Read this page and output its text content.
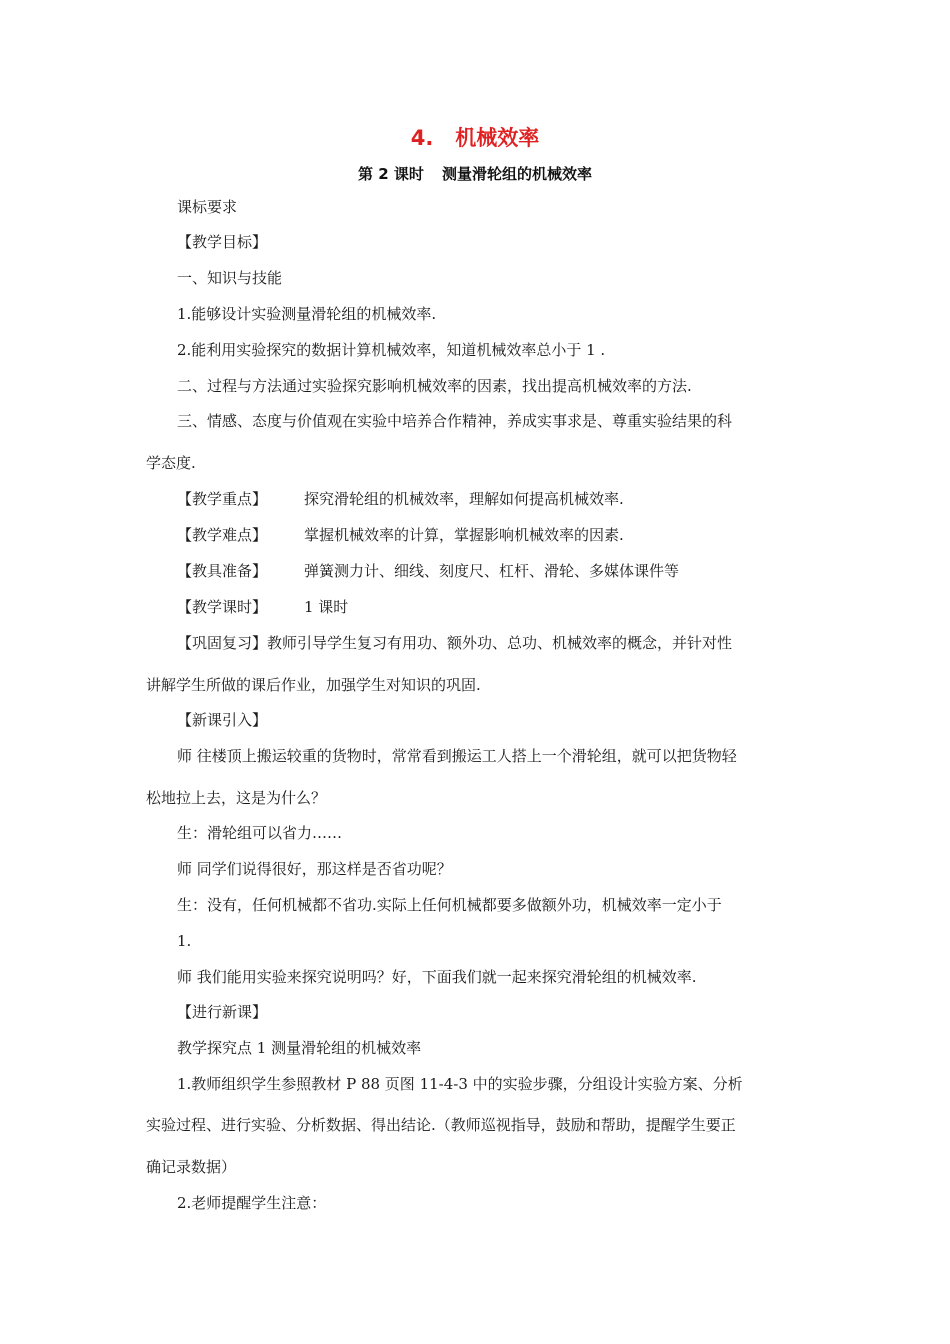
4. 机械效率
第 2 课时 测量滑轮组的机械效率
课标要求
【教学目标】
一、知识与技能
1.能够设计实验测量滑轮组的机械效率.
2.能利用实验探究的数据计算机械效率，知道机械效率总小于 1 .
二、过程与方法通过实验探究影响机械效率的因素，找出提高机械效率的方法.
三、情感、态度与价值观在实验中培养合作精神，养成实事求是、尊重实验结果的科
学态度.
【教学重点】 探究滑轮组的机械效率，理解如何提高机械效率.
【教学难点】 掌握机械效率的计算，掌握影响机械效率的因素.
【教具准备】 弹簧测力计、细线、刻度尺、杠杆、滑轮、多媒体课件等
【教学课时】 1 课时
【巩固复习】教师引导学生复习有用功、额外功、总功、机械效率的概念，并针对性
讲解学生所做的课后作业，加强学生对知识的巩固.
【新课引入】
师 往楼顶上搬运较重的货物时，常常看到搬运工人搭上一个滑轮组，就可以把货物轻
松地拉上去，这是为什么？
生：滑轮组可以省力……
师 同学们说得很好，那这样是否省功呢？
生：没有，任何机械都不省功.实际上任何机械都要多做额外功，机械效率一定小于
1.
师 我们能用实验来探究说明吗？好，下面我们就一起来探究滑轮组的机械效率.
【进行新课】
教学探究点 1 测量滑轮组的机械效率
1.教师组织学生参照教材 P 88 页图 11-4-3 中的实验步骤，分组设计实验方案、分析
实验过程、进行实验、分析数据、得出结论.（教师巡视指导，鼓励和帮助，提醒学生要正
确记录数据）
2.老师提醒学生注意：
